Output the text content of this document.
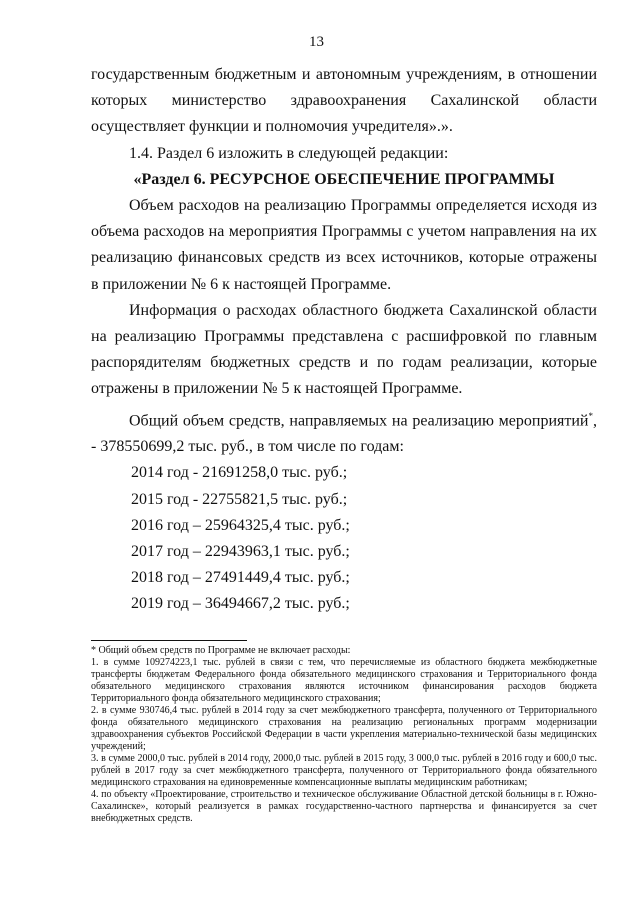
13

государственным бюджетным и автономным учреждениям, в отношении которых министерство здравоохранения Сахалинской области осуществляет функции и полномочия учредителя».».

1.4. Раздел 6 изложить в следующей редакции:

«Раздел 6. РЕСУРСНОЕ ОБЕСПЕЧЕНИЕ ПРОГРАММЫ

Объем расходов на реализацию Программы определяется исходя из объема расходов на мероприятия Программы с учетом направления на их реализацию финансовых средств из всех источников, которые отражены в приложении № 6 к настоящей Программе.

Информация о расходах областного бюджета Сахалинской области на реализацию Программы представлена с расшифровкой по главным распорядителям бюджетных средств и по годам реализации, которые отражены в приложении № 5 к настоящей Программе.

Общий объем средств, направляемых на реализацию мероприятий*, - 378550699,2 тыс. руб., в том числе по годам:

2014 год - 21691258,0 тыс. руб.;
2015 год - 22755821,5 тыс. руб.;
2016 год – 25964325,4 тыс. руб.;
2017 год – 22943963,1 тыс. руб.;
2018 год – 27491449,4 тыс. руб.;
2019 год – 36494667,2 тыс. руб.;

* Общий объем средств по Программе не включает расходы:

1. в сумме 109274223,1 тыс. рублей в связи с тем, что перечисляемые из областного бюджета межбюджетные трансферты бюджетам Федерального фонда обязательного медицинского страхования и Территориального фонда обязательного медицинского страхования являются источником финансирования расходов бюджета Территориального фонда обязательного медицинского страхования;

2. в сумме 930746,4 тыс. рублей в 2014 году за счет межбюджетного трансферта, полученного от Территориального фонда обязательного медицинского страхования на реализацию региональных программ модернизации здравоохранения субъектов Российской Федерации в части укрепления материально-технической базы медицинских учреждений;

3. в сумме 2000,0 тыс. рублей в 2014 году, 2000,0 тыс. рублей в 2015 году, 3 000,0 тыс. рублей в 2016 году и 600,0 тыс. рублей в 2017 году за счет межбюджетного трансферта, полученного от Территориального фонда обязательного медицинского страхования на единовременные компенсационные выплаты медицинским работникам;

4. по объекту «Проектирование, строительство и техническое обслуживание Областной детской больницы в г. Южно-Сахалинске», который реализуется в рамках государственно-частного партнерства и финансируется за счет внебюджетных средств.
